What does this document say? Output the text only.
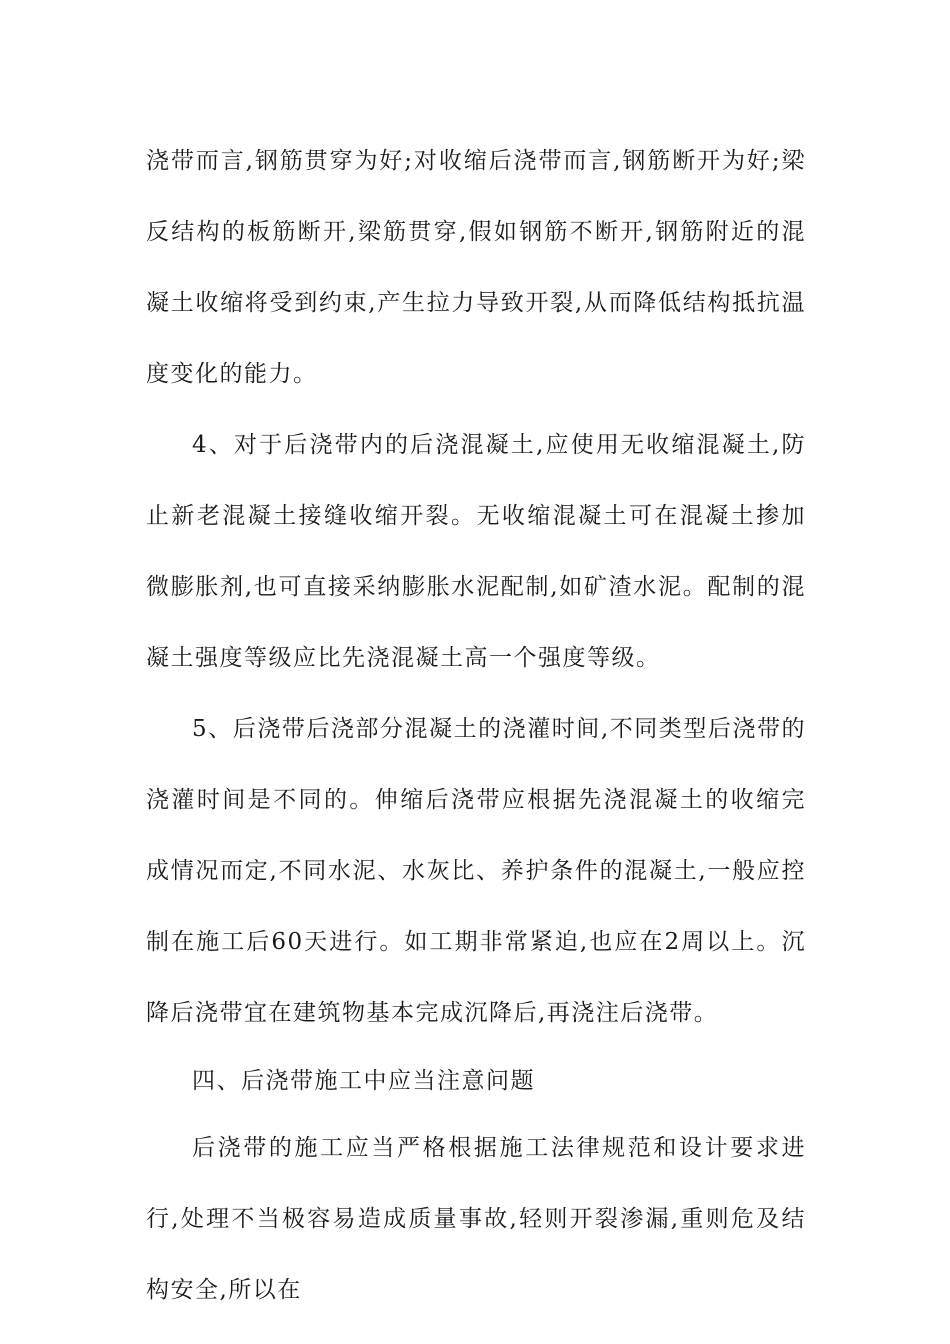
浇带而言,钢筋贯穿为好;对收缩后浇带而言,钢筋断开为好;梁反结构的板筋断开,梁筋贯穿,假如钢筋不断开,钢筋附近的混凝土收缩将受到约束,产生拉力导致开裂,从而降低结构抵抗温度变化的能力。

4、对于后浇带内的后浇混凝土,应使用无收缩混凝土,防止新老混凝土接缝收缩开裂。无收缩混凝土可在混凝土掺加微膨胀剂,也可直接采纳膨胀水泥配制,如矿渣水泥。配制的混凝土强度等级应比先浇混凝土高一个强度等级。

5、后浇带后浇部分混凝土的浇灌时间,不同类型后浇带的浇灌时间是不同的。伸缩后浇带应根据先浇混凝土的收缩完成情况而定,不同水泥、水灰比、养护条件的混凝土,一般应控制在施工后60天进行。如工期非常紧迫,也应在2周以上。沉降后浇带宜在建筑物基本完成沉降后,再浇注后浇带。

四、后浇带施工中应当注意问题

后浇带的施工应当严格根据施工法律规范和设计要求进行,处理不当极容易造成质量事故,轻则开裂渗漏,重则危及结构安全,所以在
